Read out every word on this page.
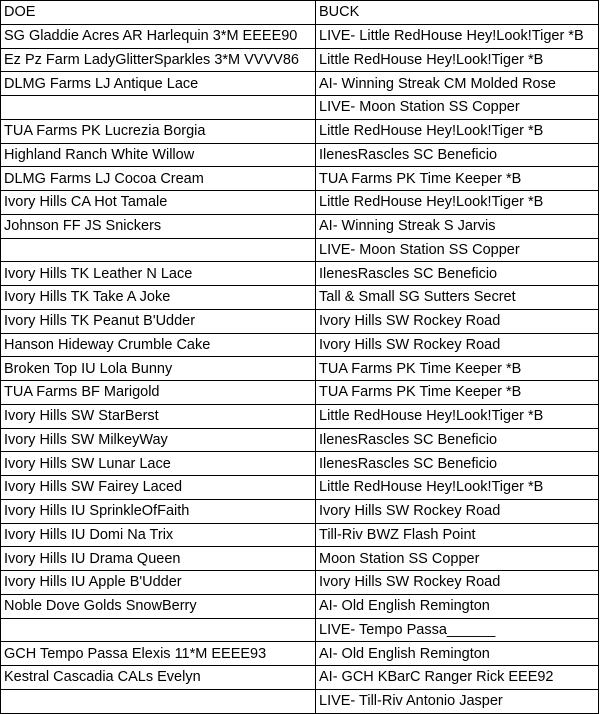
DOE	BUCK
SG Gladdie Acres AR Harlequin 3*M EEEE90	LIVE- Little RedHouse Hey!Look!Tiger *B
Ez Pz Farm LadyGlitterSparkles 3*M VVVV86	Little RedHouse Hey!Look!Tiger *B
DLMG Farms LJ Antique Lace	AI- Winning Streak CM Molded Rose
	LIVE- Moon Station SS Copper
TUA Farms PK Lucrezia Borgia	Little RedHouse Hey!Look!Tiger *B
Highland Ranch White Willow	IlenesRascles SC Beneficio
DLMG Farms LJ Cocoa Cream	TUA Farms PK Time Keeper *B
Ivory Hills CA Hot Tamale	Little RedHouse Hey!Look!Tiger *B
Johnson FF JS Snickers	AI- Winning Streak S Jarvis
	LIVE- Moon Station SS Copper
Ivory Hills TK Leather N Lace	IlenesRascles SC Beneficio
Ivory Hills TK Take A Joke	Tall & Small SG Sutters Secret
Ivory Hills TK Peanut B'Udder	Ivory Hills SW Rockey Road
Hanson Hideway Crumble Cake	Ivory Hills SW Rockey Road
Broken Top IU Lola Bunny	TUA Farms PK Time Keeper *B
TUA Farms BF Marigold	TUA Farms PK Time Keeper *B
Ivory Hills SW StarBerst	Little RedHouse Hey!Look!Tiger *B
Ivory Hills SW MilkeyWay	IlenesRascles SC Beneficio
Ivory Hills SW Lunar Lace	IlenesRascles SC Beneficio
Ivory Hills SW Fairey Laced	Little RedHouse Hey!Look!Tiger *B
Ivory Hills IU SprinkleOfFaith	Ivory Hills SW Rockey Road
Ivory Hills IU Domi Na Trix	Till-Riv BWZ Flash Point
Ivory Hills IU Drama Queen	Moon Station SS Copper
Ivory Hills IU Apple B'Udder	Ivory Hills SW Rockey Road
Noble Dove Golds SnowBerry	AI- Old English Remington
	LIVE- Tempo Passa______
GCH Tempo Passa Elexis 11*M EEEE93	AI- Old English Remington
Kestral Cascadia CALs Evelyn	AI- GCH KBarC Ranger Rick EEE92
	LIVE- Till-Riv Antonio Jasper
